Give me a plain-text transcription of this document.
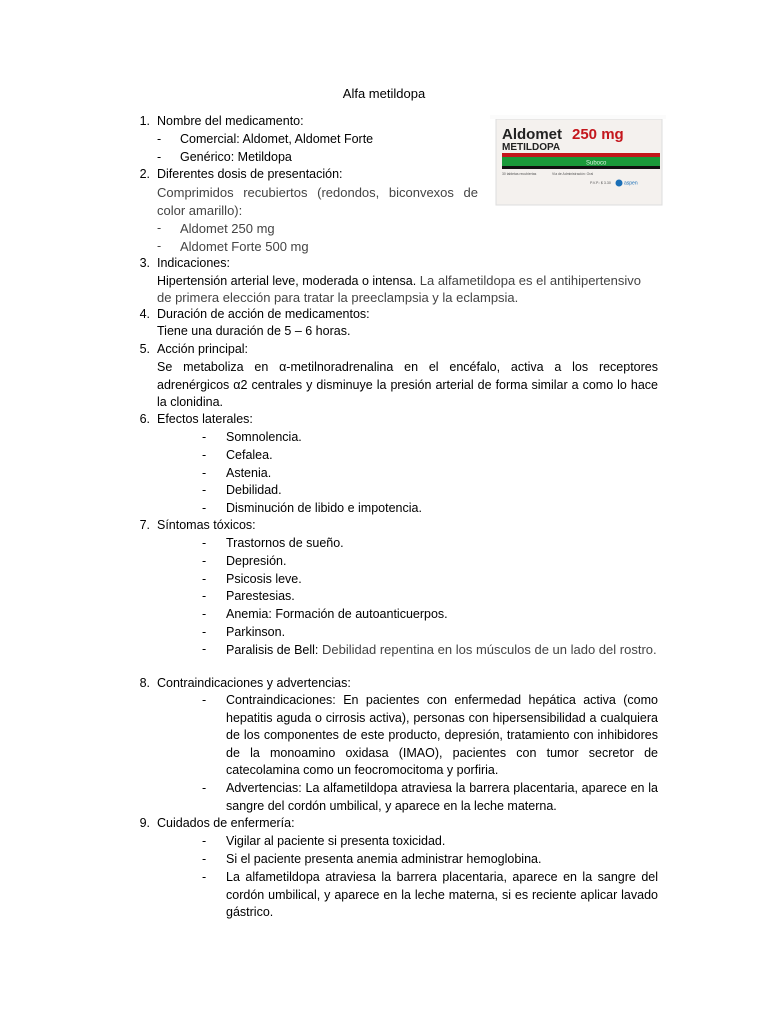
Alfa metildopa
Aldomet 250 mg
METILDOPA
Suboco
30 tabletas recubiertas	Vía de Administración: Oral
P.V.P.: $ 3.30	aspen
1. Nombre del medicamento:
- Comercial: Aldomet, Aldomet Forte
- Genérico: Metildopa
2. Diferentes dosis de presentación:
Comprimidos recubiertos (redondos, biconvexos de
color amarillo):
- Aldomet 250 mg
- Aldomet Forte 500 mg
3. Indicaciones:
Hipertensión arterial leve, moderada o intensa. La alfametildopa es el antihipertensivo
de primera elección para tratar la preeclampsia y la eclampsia.
4. Duración de acción de medicamentos:
Tiene una duración de 5 – 6 horas.
5. Acción principal:
Se metaboliza en α-metilnoradrenalina en el encéfalo, activa a los receptores adrenérgicos α2 centrales y disminuye la presión arterial de forma similar a como lo hace la clonidina.
6. Efectos laterales:
- Somnolencia.
- Cefalea.
- Astenia.
- Debilidad.
- Disminución de libido e impotencia.
7. Síntomas tóxicos:
- Trastornos de sueño.
- Depresión.
- Psicosis leve.
- Parestesias.
- Anemia: Formación de autoanticuerpos.
- Parkinson.
- Paralisis de Bell: Debilidad repentina en los músculos de un lado del rostro.
8. Contraindicaciones y advertencias:
- Contraindicaciones: En pacientes con enfermedad hepática activa (como hepatitis aguda o cirrosis activa), personas con hipersensibilidad a cualquiera de los componentes de este producto, depresión, tratamiento con inhibidores de la monoamino oxidasa (IMAO), pacientes con tumor secretor de catecolamina como un feocromocitoma y porfiria.
- Advertencias: La alfametildopa atraviesa la barrera placentaria, aparece en la sangre del cordón umbilical, y aparece en la leche materna.
9. Cuidados de enfermería:
- Vigilar al paciente si presenta toxicidad.
- Si el paciente presenta anemia administrar hemoglobina.
- La alfametildopa atraviesa la barrera placentaria, aparece en la sangre del cordón umbilical, y aparece en la leche materna, si es reciente aplicar lavado gástrico.
